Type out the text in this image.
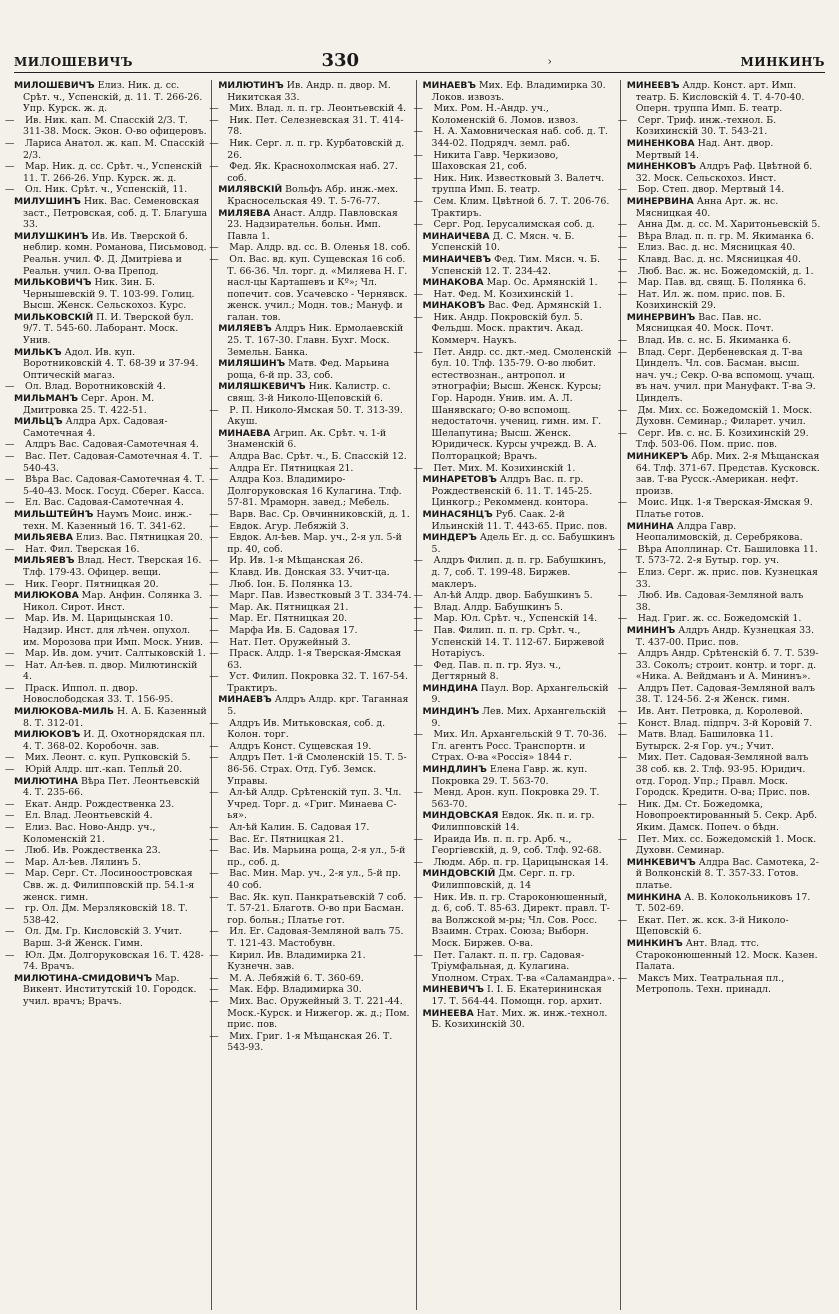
МИЛОШЕВИЧЪ	330	›	МИНКИНЪ

МИЛОШЕВИЧЪ Елиз. Ник. д. сс. Срѣт. ч., Успенскій, д. 11. Т. 266-26. Упр. Курск. ж. д.

— Ив. Ник. кап. М. Спасскій 2/3. Т. 311-38. Моск. Экон. О-во офицеровъ.

— Лариса Анатол. ж. кап. М. Спасскій 2/3.

— Мар. Ник. д. сс. Срѣт. ч., Успенскій 11. Т. 266-26. Упр. Курск. ж. д.

— Ол. Ник. Срѣт. ч., Успенскій, 11.

МИЛУШИНЪ Ник. Вас. Семеновская заст., Петровская, соб. д. Т. Благуша 33.

МИЛУШКИНЪ Ив. Ив. Тверской б. неблир. комн. Романова, Письмовод. Реальн. учил. Ф. Д. Дмитріева и Реальн. учил. О-ва Препод.

МИЛЬКОВИЧЪ Ник. Зин. Б. Чернышевскій 9. Т. 103-99. Голиц. Высш. Женск. Сельскохоз. Курс.

МИЛЬКОВСКІЙ П. И. Тверской бул. 9/7. Т. 545-60. Лаборант. Моск. Унив.

МИЛЬКЪ Адол. Ив. куп. Воротниковскій 4. Т. 68-39 и 37-94. Оптическій магаз.

— Ол. Влад. Воротниковскій 4.

МИЛЬМАНЪ Серг. Арон. М. Дмитровка 25. Т. 422-51.

МИЛЬЦЪ Алдра Арх. Садовая-Самотечная 4.

— Алдръ Вас. Садовая-Самотечная 4.

— Вас. Пет. Садовая-Самотечная 4. Т. 540-43.

— Вѣра Вас. Садовая-Самотечная 4. Т. 5-40-43. Моск. Госуд. Сберег. Касса.

— Ел. Вас. Садовая-Самотечная 4.

МИЛЬШТЕЙНЪ Наумъ Моис. инж.-техн. М. Казенный 16. Т. 341-62.

МИЛЬЯЕВА Елиз. Вас. Пятницкая 20.

— Нат. Фил. Тверская 16.

МИЛЬЯЕВЪ Влад. Нест. Тверская 16. Тлф. 179-43. Офицер. вещи.

— Ник. Георг. Пятницкая 20.

МИЛЮКОВА Мар. Анфин. Солянка 3. Никол. Сирот. Инст.

— Мар. Ив. М. Царицынская 10. Надзир. Инст. для лѣчен. опухол. им. Морозова при Имп. Моск. Унив.

— Мар. Ив. дом. учит. Салтыковскій 1.

— Нат. Ал-ѣев. п. двор. Милютинскій 4.

— Праск. Иппол. п. двор. Новослободская 33. Т. 156-95.

МИЛЮКОВА-МИЛЬ Н. А. Б. Казенный 8. Т. 312-01.

МИЛЮКОВЪ И. Д. Охотнорядская пл. 4. Т. 368-02. Коробочн. зав.

— Мих. Леонт. с. куп. Рупковскій 5.

— Юрій Алдр. шт.-кап. Тепльй 20.

МИЛЮТИНА Вѣра Пет. Леонтьевскій 4. Т. 235-66.

— Екат. Андр. Рождественка 23.

— Ел. Влад. Леонтьевскій 4.

— Елиз. Вас. Ново-Андр. уч., Коломенскій 21.

— Люб. Ив. Рождественка 23.

— Мар. Ал-ѣев. Лялинъ 5.

— Мар. Серг. Ст. Лосиноостровская Свв. ж. д. Филипповскій пр. 54.1-я женск. гимн.

— гр. Ол. Дм. Мерзляковскій 18. Т. 538-42.

— Ол. Дм. Гр. Кисловскій 3. Учит. Варш. 3-й Женск. Гимн.

— Юл. Дм. Долгоруковская 16. Т. 428-74. Врачъ.

МИЛЮТИНА-СМИДОВИЧЪ Мар. Викент. Институтскій 10. Городск. учил. врачъ; Врачъ.

МИЛЮТИНЪ Ив. Андр. п. двор. М. Никитская 33.

— Мих. Влад. л. п. гр. Леонтьевскій 4.

— Ник. Пет. Селезневская 31. Т. 414-78.

— Ник. Серг. л. п. гр. Курбатовскій д. 26.

— Фед. Як. Краснохолмская наб. 27. соб.

МИЛЯВСКІЙ Вольфъ Абр. инж.-мех. Красносельская 49. Т. 5-76-77.

МИЛЯЕВА Анаст. Алдр. Павловская 23. Надзирательн. больн. Имп. Павла 1.

— Мар. Алдр. вд. сс. В. Оленья 18. соб.

— Ол. Вас. вд. куп. Сущевская 16 соб. Т. 66-36. Чл. торг. д. «Миляева Н. Г. насл-цы Карташевъ и Кº»; Чл. попечит. сов. Усачевско - Чернявск. женск. учил.; Модн. тов.; Мануф. и галан. тов.

МИЛЯЕВЪ Алдръ Ник. Ермолаевскій 25. Т. 167-30. Главн. Бухг. Моск. Земельн. Банка.

МИЛЯШИНЪ Матв. Фед. Марьина роща, 6-й пр. 33, соб.

МИЛЯШКЕВИЧЪ Ник. Калистр. с. свящ. 3-й Николо-Щеповскій 6.

— Р. П. Николо-Ямская 50. Т. 313-39. Акуш.

МИНАЕВА Агрип. Ак. Срѣт. ч. 1-й Знаменскій 6.

— Алдра Вас. Срѣт. ч., Б. Спасскій 12.

— Алдра Ег. Пятницкая 21.

— Алдра Коз. Владимиро-Долгоруковская 16 Кулагина. Тлф. 57-81. Мраморн. завед.; Мебель.

— Варв. Вас. Ср. Овчинниковскій, д. 1.

— Евдок. Агур. Лебяжій 3.

— Евдок. Ал-ѣев. Мар. уч., 2-я ул. 5-й пр. 40, соб.

— Ир. Ив. 1-я Мѣщанская 26.

— Клавд. Ив. Донская 33. Учит-ца.

— Люб. Іон. Б. Полянка 13.

— Марг. Пав. Известковый 3 Т. 334-74.

— Мар. Ак. Пятницкая 21.

— Мар. Ег. Пятницкая 20.

— Марфа Ив. Б. Садовая 17.

— Нат. Пет. Оружейный 3.

— Праск. Алдр. 1-я Тверская-Ямская 63.

— Уст. Филип. Покровка 32. Т. 167-54. Трактиръ.

МИНАЕВЪ Алдръ Алдр. крг. Таганная 5.

— Алдръ Ив. Митьковская, соб. д. Колон. торг.

— Алдръ Конст. Сущевская 19.

— Алдръ Пет. 1-й Смоленскій 15. Т. 5-86-56. Страх. Отд. Губ. Земск. Управы.

— Ал-ѣй Алдр. Срѣтенскій туп. 3. Чл. Учред. Торг. д. «Григ. Минаева С-ья».

— Ал-ѣй Калин. Б. Садовая 17.

— Вас. Ег. Пятницкая 21.

— Вас. Ив. Марьина роща, 2-я ул., 5-й пр., соб. д.

— Вас. Мин. Мар. уч., 2-я ул., 5-й пр. 40 соб.

— Вас. Як. куп. Панкратьевскій 7 соб. Т. 57-21. Благотв. О-во при Басман. гор. больн.; Платье гот.

— Ил. Ег. Садовая-Земляной валъ 75. Т. 121-43. Мастобувн.

— Кирил. Ив. Владимирка 21. Кузнечн. зав.

— М. А. Лебяжій 6. Т. 360-69.

— Мак. Ефр. Владимирка 30.

— Мих. Вас. Оружейный 3. Т. 221-44. Моск.-Курск. и Нижегор. ж. д.; Пом. прис. пов.

— Мих. Григ. 1-я Мѣщанская 26. Т. 543-93.

МИНАЕВЪ Мих. Еф. Владимирка 30. Локов. извозъ.

— Мих. Ром. Н.-Андр. уч., Коломенскій 6. Ломов. извоз.

— Н. А. Хамовническая наб. соб. д. Т. 344-02. Подрядч. земл. раб.

— Никита Гавр. Черкизово, Шаховская 21, соб.

— Ник. Ник. Известковый 3. Валетч. труппа Имп. Б. театр.

— Сем. Клим. Цвѣтной б. 7. Т. 206-76. Трактиръ.

— Серг. Род. Іерусалимская соб. д.

МИНАИЧЕВА Д. С. Мясн. ч. Б. Успенскій 10.

МИНАИЧЕВЪ Фед. Тим. Мясн. ч. Б. Успенскій 12. Т. 234-42.

МИНАКОВА Мар. Ос. Армянскій 1.

— Нат. Фед. М. Козихинскій 1.

МИНАКОВЪ Вас. Фед. Армянскій 1.

— Ник. Андр. Покровскій бул. 5. Фельдш. Моск. практич. Акад. Коммерч. Наукъ.

— Пет. Андр. сс. дкт.-мед. Смоленскій бул. 10. Тлф. 135-79. О-во любит. естествознан., антропол. и этнографіи; Высш. Женск. Курсы; Гор. Народн. Унив. им. А. Л. Шанявскаго; О-во вспомощ. недостаточн. учениц. гимн. им. Г. Шелапутина; Высш. Женск. Юридическ. Курсы учрежд. В. А. Полторацкой; Врачъ.

— Пет. Мих. М. Козихинскій 1.

МИНАРЕТОВЪ Алдръ Вас. п. гр. Рождественскій 6. 11. Т. 145-25. Цинкогр.; Рекомменд. контора.

МИНАСЯНЦЪ Руб. Саак. 2-й Ильинскій 11. Т. 443-65. Прис. пов.

МИНДЕРЪ Адель Ег. д. сс. Бабушкинъ 5.

— Алдръ Филип. д. п. гр. Бабушкинъ, д. 7, соб. Т. 199-48. Биржев. маклеръ.

— Ал-ѣй Алдр. двор. Бабушкинъ 5.

— Влад. Алдр. Бабушкинъ 5.

— Мар. Юл. Срѣт. ч., Успенскій 14.

— Пав. Филип. п. п. гр. Срѣт. ч., Успенскій 14. Т. 112-67. Биржевой Нотаріусъ.

— Фед. Пав. п. п. гр. Яуз. ч., Дегтярный 8.

МИНДИНА Паул. Вор. Архангельскій 9.

МИНДИНЪ Лев. Мих. Архангельскій 9.

— Мих. Ил. Архангельскій 9 Т. 70-36. Гл. агентъ Росс. Транспортн. и Страх. О-ва «Россія» 1844 г.

МИНДЛИНЪ Елена Гавр. ж. куп. Покровка 29. Т. 563-70.

— Менд. Арон. куп. Покровка 29. Т. 563-70.

МИНДОВСКАЯ Евдок. Як. п. и. гр. Филипповскій 14.

— Ираида Ив. п. п. гр. Арб. ч., Георгіевскій, д. 9, соб. Тлф. 92-68.

— Людм. Абр. п. гр. Царицынская 14.

МИНДОВСКІЙ Дм. Серг. п. гр. Филипповскій, д. 14

— Ник. Ив. п. гр. Староконюшенный, д. 6, соб. Т. 85-63. Директ. правл. Т-ва Волжской м-ры; Чл. Сов. Росс. Взаимн. Страх. Союза; Выборн. Моск. Биржев. О-ва.

— Пет. Галакт. п. п. гр. Садовая-Тріумфальная, д. Кулагина. Уполном. Страх. Т-ва «Саламандра».

МИНЕВИЧЪ І. І. Б. Екатерининская 17. Т. 564-44. Помощн. гор. архит.

МИНЕЕВА Нат. Мих. ж. инж.-технол. Б. Козихинскій 30.

МИНЕЕВЪ Алдр. Конст. арт. Имп. театр. Б. Кисловскій 4. Т. 4-70-40. Оперн. труппа Имп. Б. театр.

— Серг. Триф. инж.-технол. Б. Козихинскій 30. Т. 543-21.

МИНЕНКОВА Над. Ант. двор. Мертвый 14.

МИНЕНКОВЪ Алдръ Раф. Цвѣтной б. 32. Моск. Сельскохоз. Инст.

— Бор. Степ. двор. Мертвый 14.

МИНЕРВИНА Анна Арт. ж. нс. Мясницкая 40.

— Анна Дм. д. сс. М. Харитоньевскій 5.

— Вѣра Влад. п. п. гр. М. Якиманка 6.

— Елиз. Вас. д. нс. Мясницкая 40.

— Клавд. Вас. д. нс. Мясницкая 40.

— Люб. Вас. ж. нс. Божедомскій, д. 1.

— Мар. Пав. вд. свящ. Б. Полянка 6.

— Нат. Ил. ж. пом. прис. пов. Б. Козихинскій 29.

МИНЕРВИНЪ Вас. Пав. нс. Мясницкая 40. Моск. Почт.

— Влад. Ив. с. нс. Б. Якиманка 6.

— Влад. Серг. Дербеневская д. Т-ва Цинделъ. Чл. сов. Басман. высш. нач. уч.; Секр. О-ва вспомощ. учащ. въ нач. учил. при Мануфакт. Т-ва Э. Цинделъ.

— Дм. Мих. сс. Божедомскій 1. Моск. Духовн. Семинар.; Филарет. учил.

— Серг. Ив. с. нс. Б. Козихинскій 29. Тлф. 503-06. Пом. прис. пов.

МИНИКЕРЪ Абр. Мих. 2-я Мѣщанская 64. Тлф. 371-67. Представ. Кусковск. зав. Т-ва Русск.-Американ. нефт. произв.

— Моис. Ицк. 1-я Тверская-Ямская 9. Платье готов.

МИНИНА Алдра Гавр. Неопалимовскій, д. Серебрякова.

— Вѣра Аполлинар. Ст. Башиловка 11. Т. 573-72. 2-я Бутыр. гор. уч.

— Елиз. Серг. ж. прис. пов. Кузнецкая 33.

— Люб. Ив. Садовая-Земляной валъ 38.

— Над. Григ. ж. сс. Божедомскій 1.

МИНИНЪ Алдръ Андр. Кузнецкая 33. Т. 437-00. Прис. пов.

— Алдръ Андр. Срѣтенскій б. 7. Т. 539-33. Соколъ; строит. контр. и торг. д. «Ника. А. Вейдманъ и А. Мининъ».

— Алдръ Пет. Садовая-Земляной валъ 38. Т. 124-56. 2-я Женск. гимн.

— Ив. Ант. Петровка, д. Королевой.

— Конст. Влад. підпрч. 3-й Коровій 7.

— Матв. Влад. Башиловка 11. Бутырск. 2-я Гор. уч.; Учит.

— Мих. Пет. Садовая-Земляной валъ 38 соб. кв. 2. Тлф. 93-95. Юридич. отд. Город. Упр.; Правл. Моск. Городск. Кредитн. О-ва; Прис. пов.

— Ник. Дм. Ст. Божедомка, Новопроектированный 5. Секр. Арб. Яким. Дамск. Попеч. о бѣдн.

— Пет. Мих. сс. Божедомскій 1. Моск. Духовн. Семинар.

МИНКЕВИЧЪ Алдра Вас. Самотека, 2-й Волконскій 8. Т. 357-33. Готов. платье.

МИНКИНА А. В. Колокольниковъ 17. Т. 502-69.

— Екат. Пет. ж. кск. 3-й Николо-Щеповскій 6.

МИНКИНЪ Ант. Влад. ттс. Староконюшенный 12. Моск. Казен. Палата.

— Максъ Мих. Театральная пл., Метрополь. Техн. принадл.
